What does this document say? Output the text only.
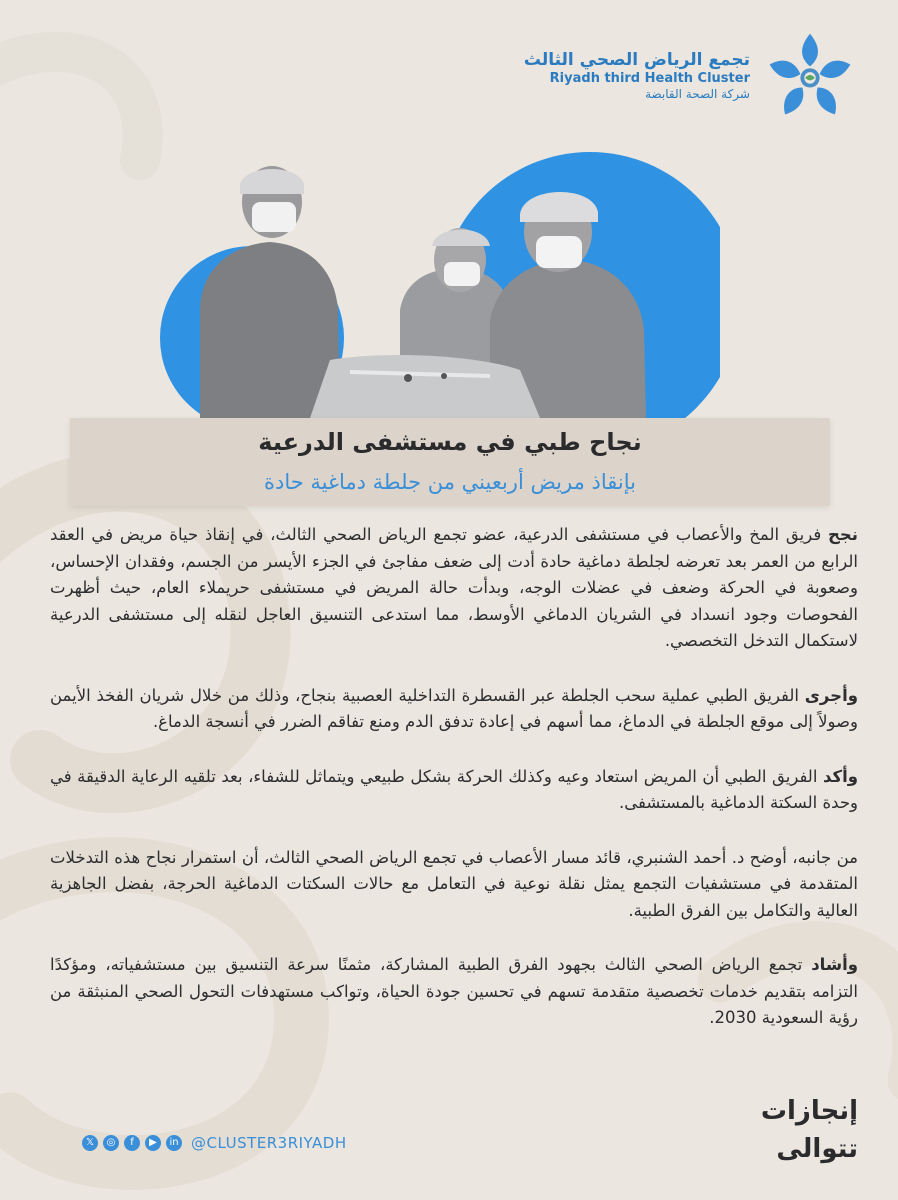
تجمع الرياض الصحي الثالث
Riyadh third Health Cluster
شركة الصحة القابضة
نجاح طبي في مستشفى الدرعية
بإنقاذ مريض أربعيني من جلطة دماغية حادة

نجح فريق المخ والأعصاب في مستشفى الدرعية، عضو تجمع الرياض الصحي الثالث، في إنقاذ حياة مريض في العقد الرابع من العمر بعد تعرضه لجلطة دماغية حادة أدت إلى ضعف مفاجئ في الجزء الأيسر من الجسم، وفقدان الإحساس، وصعوبة في الحركة وضعف في عضلات الوجه، وبدأت حالة المريض في مستشفى حريملاء العام، حيث أظهرت الفحوصات وجود انسداد في الشريان الدماغي الأوسط، مما استدعى التنسيق العاجل لنقله إلى مستشفى الدرعية لاستكمال التدخل التخصصي.

وأجرى الفريق الطبي عملية سحب الجلطة عبر القسطرة التداخلية العصبية بنجاح، وذلك من خلال شريان الفخذ الأيمن وصولاً إلى موقع الجلطة في الدماغ، مما أسهم في إعادة تدفق الدم ومنع تفاقم الضرر في أنسجة الدماغ.

وأكد الفريق الطبي أن المريض استعاد وعيه وكذلك الحركة بشكل طبيعي ويتماثل للشفاء، بعد تلقيه الرعاية الدقيقة في وحدة السكتة الدماغية بالمستشفى.

من جانبه، أوضح د. أحمد الشنبري، قائد مسار الأعصاب في تجمع الرياض الصحي الثالث، أن استمرار نجاح هذه التدخلات المتقدمة في مستشفيات التجمع يمثل نقلة نوعية في التعامل مع حالات السكتات الدماغية الحرجة، بفضل الجاهزية العالية والتكامل بين الفرق الطبية.

وأشاد تجمع الرياض الصحي الثالث بجهود الفرق الطبية المشاركة، مثمنًا سرعة التنسيق بين مستشفياته، ومؤكدًا التزامه بتقديم خدمات تخصصية متقدمة تسهم في تحسين جودة الحياة، وتواكب مستهدفات التحول الصحي المنبثقة من رؤية السعودية 2030.

إنجازات
تتوالى
𝕏	◎	f	▶	in @CLUSTER3RIYADH
